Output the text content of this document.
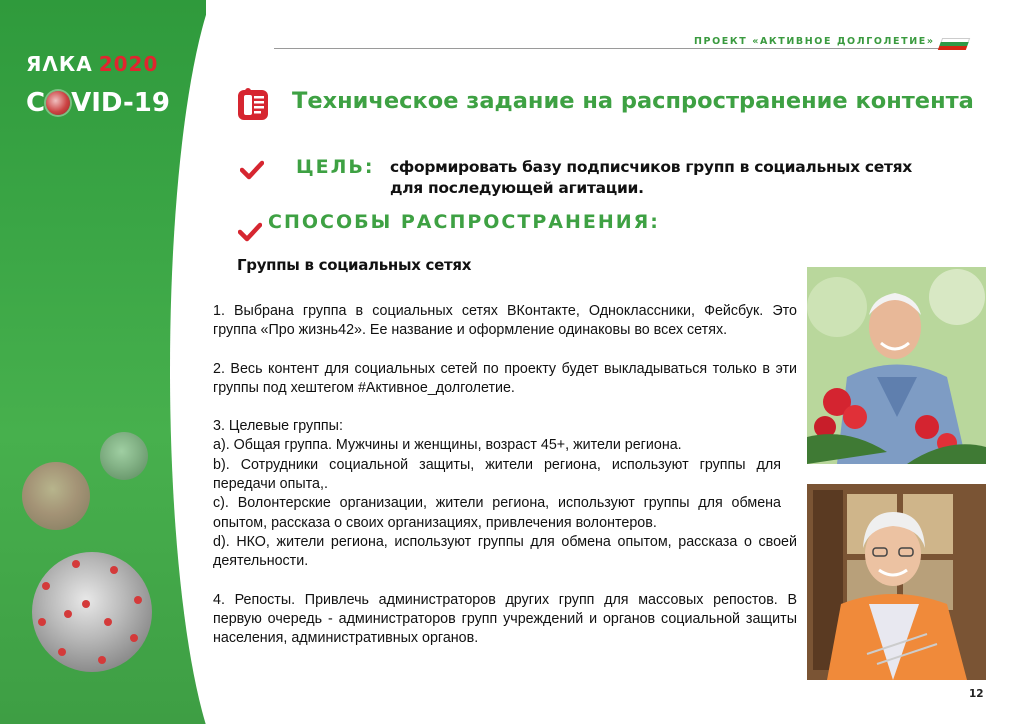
ЯΛКА 2020
C VID-19
ПРОЕКТ «АКТИВНОЕ ДОЛГОЛЕТИЕ»
Техническое задание на распространение контента
ЦЕЛЬ: сформировать базу подписчиков групп в социальных сетях
для последующей агитации.
СПОСОБЫ РАСПРОСТРАНЕНИЯ:
Группы в социальных сетях

1. Выбрана группа в социальных сетях ВКонтакте, Одноклассники, Фейсбук. Это группа «Про жизнь42». Ее название и оформление одинаковы во всех сетях.

2. Весь контент для социальных сетей по проекту будет выкладываться только в эти группы под хештегом #Активное_долголетие.

3. Целевые группы:

a). Общая группа. Мужчины и женщины, возраст 45+, жители региона.

b). Сотрудники социальной защиты, жители региона, используют группы для передачи опыта,.

c). Волонтерские организации, жители региона, используют группы для обмена опытом, рассказа о своих организациях, привлечения волонтеров.

d). НКО, жители региона, используют группы для обмена опытом, рассказа о своей деятельности.

4. Репосты. Привлечь администраторов других групп для массовых репостов. В первую очередь - администраторов групп учреждений и органов социальной защиты населения, административных органов.

12
